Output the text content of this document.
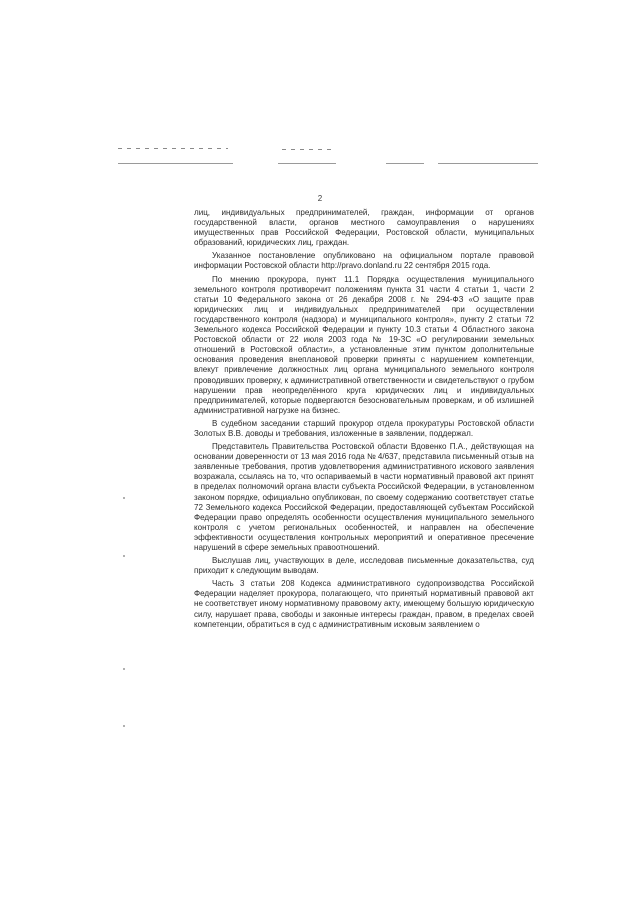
2

лиц, индивидуальных предпринимателей, граждан, информации от органов государственной власти, органов местного самоуправления о нарушениях имущественных прав Российской Федерации, Ростовской области, муниципальных образований, юридических лиц, граждан.

Указанное постановление опубликовано на официальном портале правовой информации Ростовской области http://pravo.donland.ru 22 сентября 2015 года.

По мнению прокурора, пункт 11.1 Порядка осуществления муниципального земельного контроля противоречит положениям пункта 31 части 4 статьи 1, части 2 статьи 10 Федерального закона от 26 декабря 2008 г. № 294-ФЗ «О защите прав юридических лиц и индивидуальных предпринимателей при осуществлении государственного контроля (надзора) и муниципального контроля», пункту 2 статьи 72 Земельного кодекса Российской Федерации и пункту 10.3 статьи 4 Областного закона Ростовской области от 22 июля 2003 года № 19-ЗС «О регулировании земельных отношений в Ростовской области», а установленные этим пунктом дополнительные основания проведения внеплановой проверки приняты с нарушением компетенции, влекут привлечение должностных лиц органа муниципального земельного контроля проводивших проверку, к административной ответственности и свидетельствуют о грубом нарушении прав неопределённого круга юридических лиц и индивидуальных предпринимателей, которые подвергаются безосновательным проверкам, и об излишней административной нагрузке на бизнес.

В судебном заседании старший прокурор отдела прокуратуры Ростовской области Золотых В.В. доводы и требования, изложенные в заявлении, поддержал.

Представитель Правительства Ростовской области Вдовенко П.А., действующая на основании доверенности от 13 мая 2016 года № 4/637, представила письменный отзыв на заявленные требования, против удовлетворения административного искового заявления возражала, ссылаясь на то, что оспариваемый в части нормативный правовой акт принят в пределах полномочий органа власти субъекта Российской Федерации, в установленном законом порядке, официально опубликован, по своему содержанию соответствует статье 72 Земельного кодекса Российской Федерации, предоставляющей субъектам Российской Федерации право определять особенности осуществления муниципального земельного контроля с учетом региональных особенностей, и направлен на обеспечение эффективности осуществления контрольных мероприятий и оперативное пресечение нарушений в сфере земельных правоотношений.

Выслушав лиц, участвующих в деле, исследовав письменные доказательства, суд приходит к следующим выводам.

Часть 3 статьи 208 Кодекса административного судопроизводства Российской Федерации наделяет прокурора, полагающего, что принятый нормативный правовой акт не соответствует иному нормативному правовому акту, имеющему большую юридическую силу, нарушает права, свободы и законные интересы граждан, правом, в пределах своей компетенции, обратиться в суд с административным исковым заявлением о
